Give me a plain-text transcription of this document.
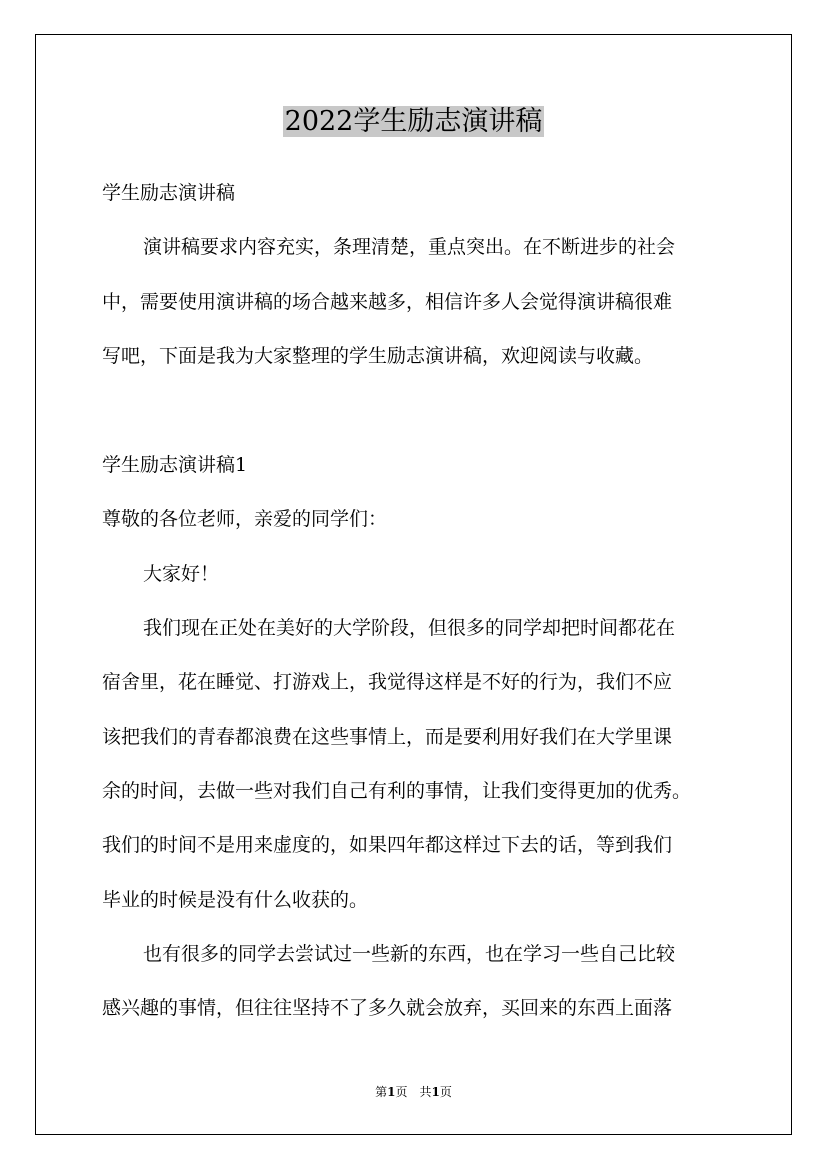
2022学生励志演讲稿
学生励志演讲稿
演讲稿要求内容充实，条理清楚，重点突出。在不断进步的社会
中，需要使用演讲稿的场合越来越多，相信许多人会觉得演讲稿很难
写吧，下面是我为大家整理的学生励志演讲稿，欢迎阅读与收藏。
学生励志演讲稿1
尊敬的各位老师，亲爱的同学们：
大家好！
我们现在正处在美好的大学阶段，但很多的同学却把时间都花在
宿舍里，花在睡觉、打游戏上，我觉得这样是不好的行为，我们不应
该把我们的青春都浪费在这些事情上，而是要利用好我们在大学里课
余的时间，去做一些对我们自己有利的事情，让我们变得更加的优秀。
我们的时间不是用来虚度的，如果四年都这样过下去的话，等到我们
毕业的时候是没有什么收获的。
也有很多的同学去尝试过一些新的东西，也在学习一些自己比较
感兴趣的事情，但往往坚持不了多久就会放弃，买回来的东西上面落
第1页　共1页
